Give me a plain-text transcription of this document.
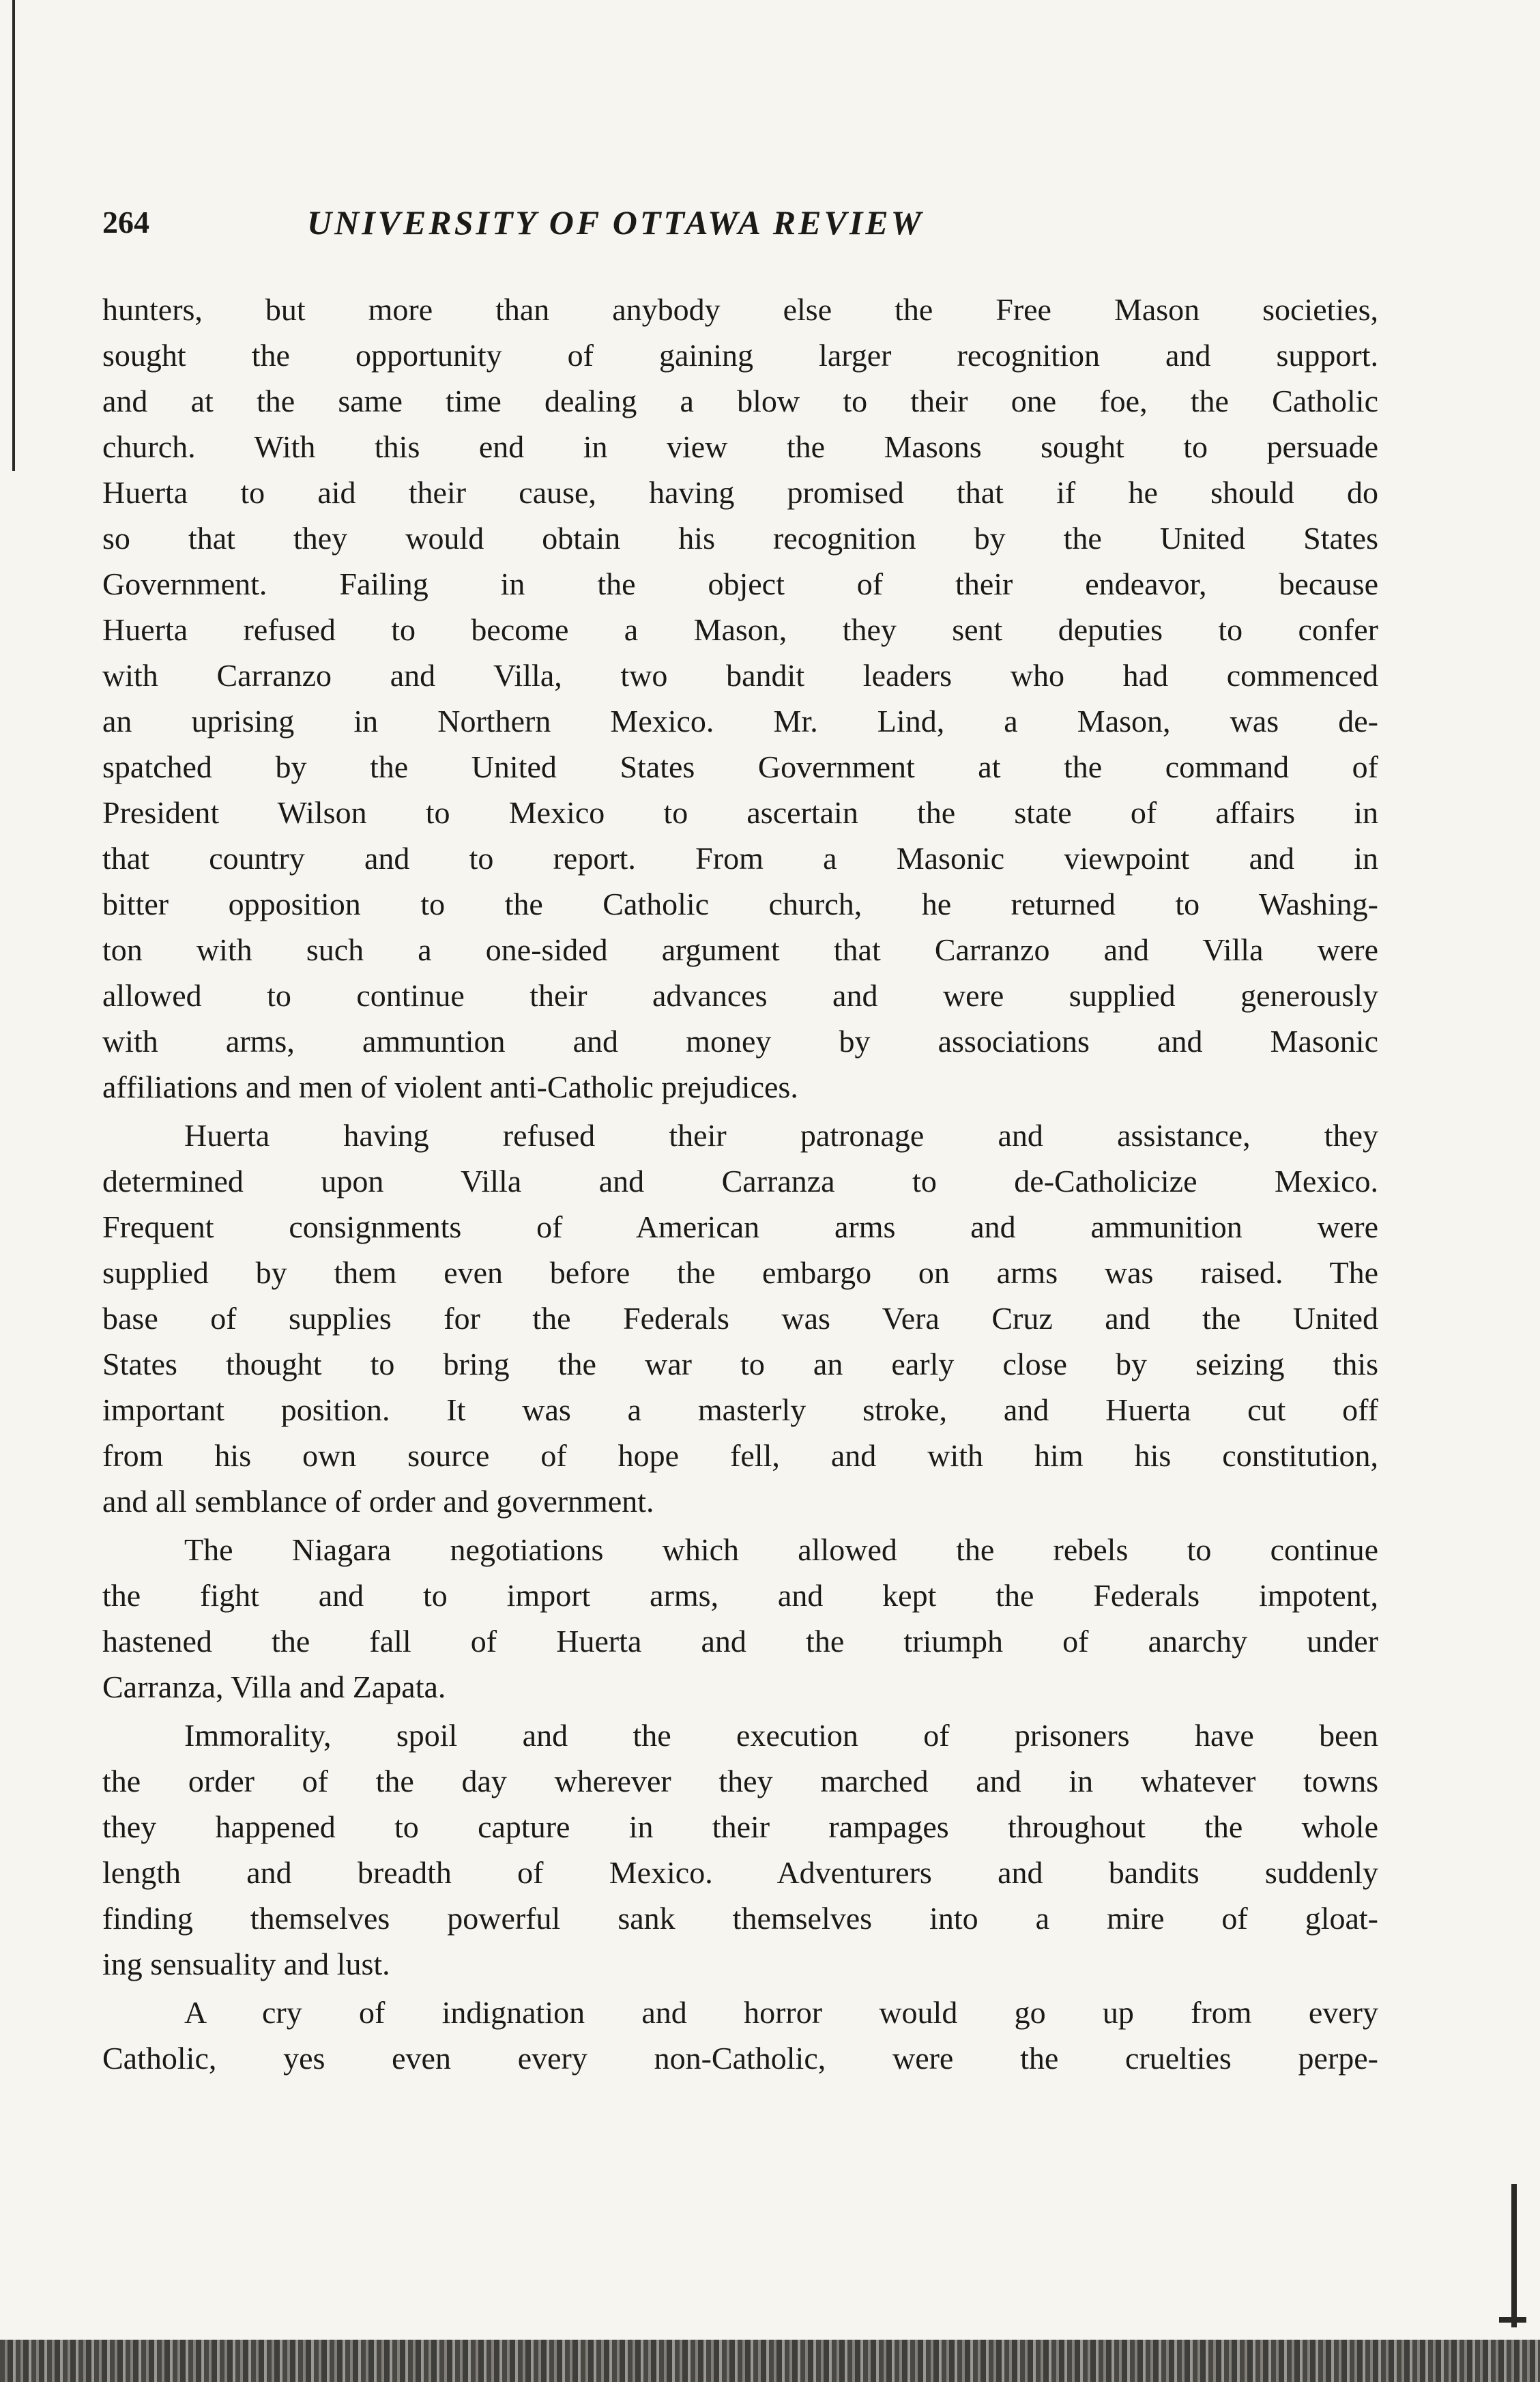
264	UNIVERSITY OF OTTAWA REVIEW

hunters, but more than anybody else the Free Mason societies,

sought the opportunity of gaining larger recognition and support.

and at the same time dealing a blow to their one foe, the Catholic

church. With this end in view the Masons sought to persuade

Huerta to aid their cause, having promised that if he should do

so that they would obtain his recognition by the United States

Government. Failing in the object of their endeavor, because

Huerta refused to become a Mason, they sent deputies to confer

with Carranzo and Villa, two bandit leaders who had commenced

an uprising in Northern Mexico. Mr. Lind, a Mason, was de-

spatched by the United States Government at the command of

President Wilson to Mexico to ascertain the state of affairs in

that country and to report. From a Masonic viewpoint and in

bitter opposition to the Catholic church, he returned to Washing-

ton with such a one-sided argument that Carranzo and Villa were

allowed to continue their advances and were supplied generously

with arms, ammuntion and money by associations and Masonic

affiliations and men of violent anti-Catholic prejudices.

Huerta having refused their patronage and assistance, they

determined upon Villa and Carranza to de-Catholicize Mexico.

Frequent consignments of American arms and ammunition were

supplied by them even before the embargo on arms was raised. The

base of supplies for the Federals was Vera Cruz and the United

States thought to bring the war to an early close by seizing this

important position. It was a masterly stroke, and Huerta cut off

from his own source of hope fell, and with him his constitution,

and all semblance of order and government.

The Niagara negotiations which allowed the rebels to continue

the fight and to import arms, and kept the Federals impotent,

hastened the fall of Huerta and the triumph of anarchy under

Carranza, Villa and Zapata.

Immorality, spoil and the execution of prisoners have been

the order of the day wherever they marched and in whatever towns

they happened to capture in their rampages throughout the whole

length and breadth of Mexico. Adventurers and bandits suddenly

finding themselves powerful sank themselves into a mire of gloat-

ing sensuality and lust.

A cry of indignation and horror would go up from every

Catholic, yes even every non-Catholic, were the cruelties perpe-
